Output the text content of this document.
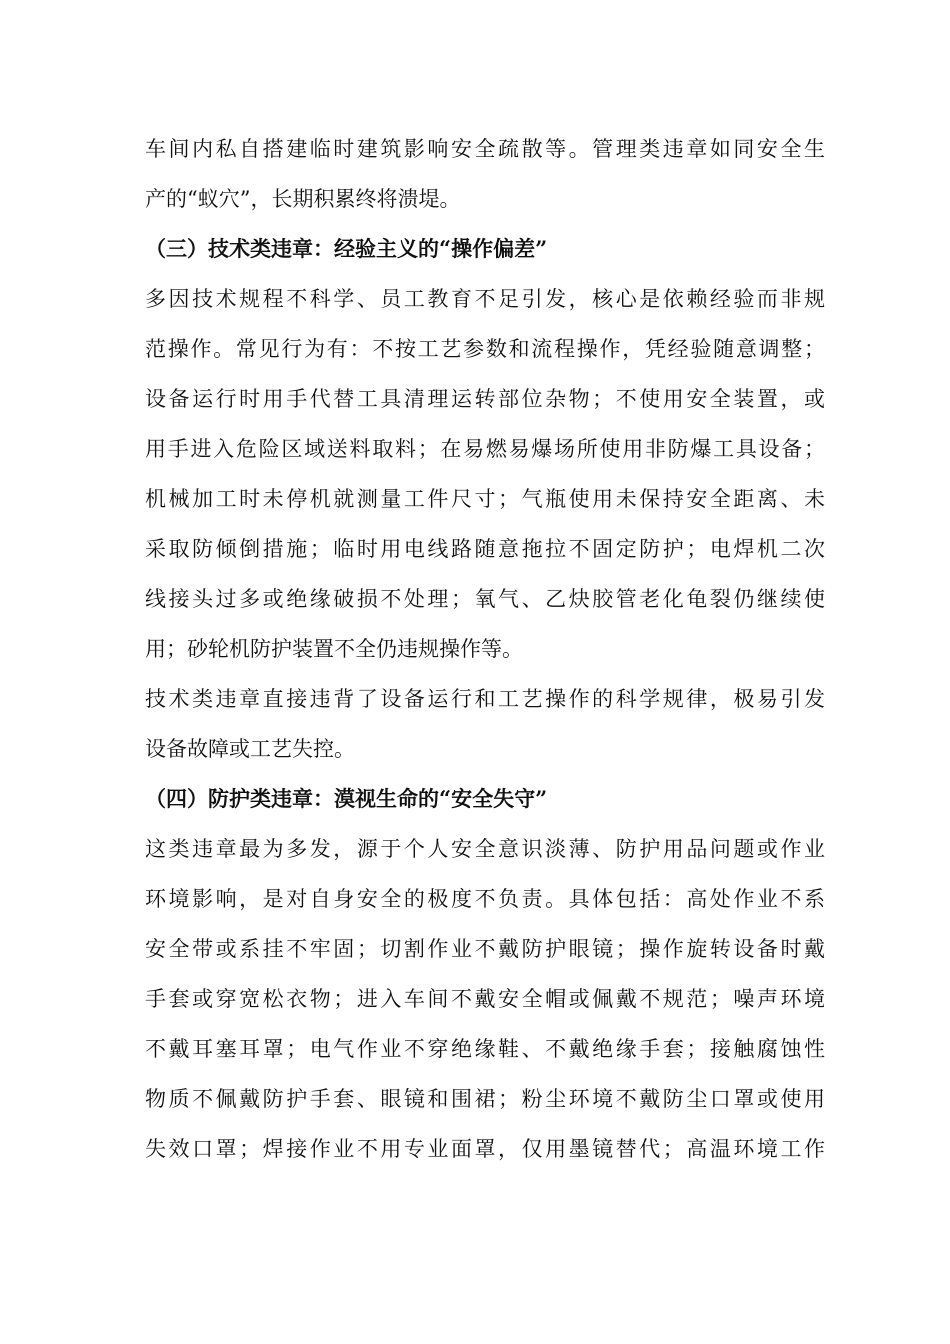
车间内私自搭建临时建筑影响安全疏散等。管理类违章如同安全生
产的“蚁穴”，长期积累终将溃堤。
（三）技术类违章：经验主义的“操作偏差”
多因技术规程不科学、员工教育不足引发，核心是依赖经验而非规
范操作。常见行为有：不按工艺参数和流程操作，凭经验随意调整；
设备运行时用手代替工具清理运转部位杂物；不使用安全装置，或
用手进入危险区域送料取料；在易燃易爆场所使用非防爆工具设备；
机械加工时未停机就测量工件尺寸；气瓶使用未保持安全距离、未
采取防倾倒措施；临时用电线路随意拖拉不固定防护；电焊机二次
线接头过多或绝缘破损不处理；氧气、乙炔胶管老化龟裂仍继续使
用；砂轮机防护装置不全仍违规操作等。
技术类违章直接违背了设备运行和工艺操作的科学规律，极易引发
设备故障或工艺失控。
（四）防护类违章：漠视生命的“安全失守”
这类违章最为多发，源于个人安全意识淡薄、防护用品问题或作业
环境影响，是对自身安全的极度不负责。具体包括：高处作业不系
安全带或系挂不牢固；切割作业不戴防护眼镜；操作旋转设备时戴
手套或穿宽松衣物；进入车间不戴安全帽或佩戴不规范；噪声环境
不戴耳塞耳罩；电气作业不穿绝缘鞋、不戴绝缘手套；接触腐蚀性
物质不佩戴防护手套、眼镜和围裙；粉尘环境不戴防尘口罩或使用
失效口罩；焊接作业不用专业面罩，仅用墨镜替代；高温环境工作
